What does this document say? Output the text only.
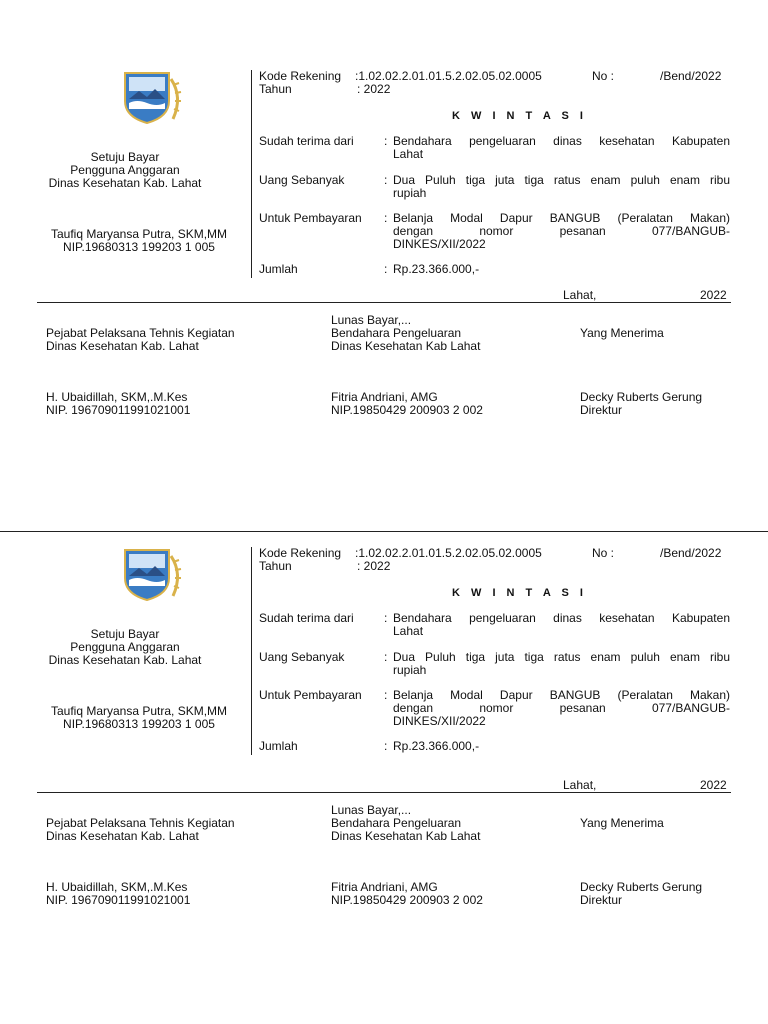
Setuju Bayar
Pengguna Anggaran
Dinas Kesehatan Kab. Lahat
Taufiq Maryansa Putra, SKM,MM
NIP.19680313 199203 1 005
Kode Rekening :1.02.02.2.01.01.5.2.02.05.02.0005	No :	/Bend/2022
Tahun	: 2022
K W I N T A S I
Sudah terima dari	: Bendahara pengeluaran dinas kesehatan Kabupaten
Lahat
Uang Sebanyak	: Dua Puluh tiga juta tiga ratus enam puluh enam ribu
rupiah
Untuk Pembayaran : Belanja Modal Dapur BANGUB (Peralatan Makan)
dengan nomor pesanan 077/BANGUB-
DINKES/XII/2022
Jumlah	: Rp.23.366.000,-
Lahat,	2022
Lunas Bayar,...
Pejabat Pelaksana Tehnis Kegiatan
Dinas Kesehatan Kab. Lahat
Bendahara Pengeluaran
Dinas Kesehatan Kab Lahat
Yang Menerima
H. Ubaidillah, SKM,.M.Kes
NIP. 196709011991021001
Fitria Andriani, AMG
NIP.19850429 200903 2 002
Decky Ruberts Gerung
Direktur
Setuju Bayar
Pengguna Anggaran
Dinas Kesehatan Kab. Lahat
Taufiq Maryansa Putra, SKM,MM
NIP.19680313 199203 1 005
Kode Rekening :1.02.02.2.01.01.5.2.02.05.02.0005	No :	/Bend/2022
Tahun	: 2022
K W I N T A S I
Sudah terima dari	: Bendahara pengeluaran dinas kesehatan Kabupaten
Lahat
Uang Sebanyak	: Dua Puluh tiga juta tiga ratus enam puluh enam ribu
rupiah
Untuk Pembayaran : Belanja Modal Dapur BANGUB (Peralatan Makan)
dengan nomor pesanan 077/BANGUB-
DINKES/XII/2022
Jumlah	: Rp.23.366.000,-
Lahat,	2022
Lunas Bayar,...
Pejabat Pelaksana Tehnis Kegiatan
Dinas Kesehatan Kab. Lahat
Bendahara Pengeluaran
Dinas Kesehatan Kab Lahat
Yang Menerima
H. Ubaidillah, SKM,.M.Kes
NIP. 196709011991021001
Fitria Andriani, AMG
NIP.19850429 200903 2 002
Decky Ruberts Gerung
Direktur
